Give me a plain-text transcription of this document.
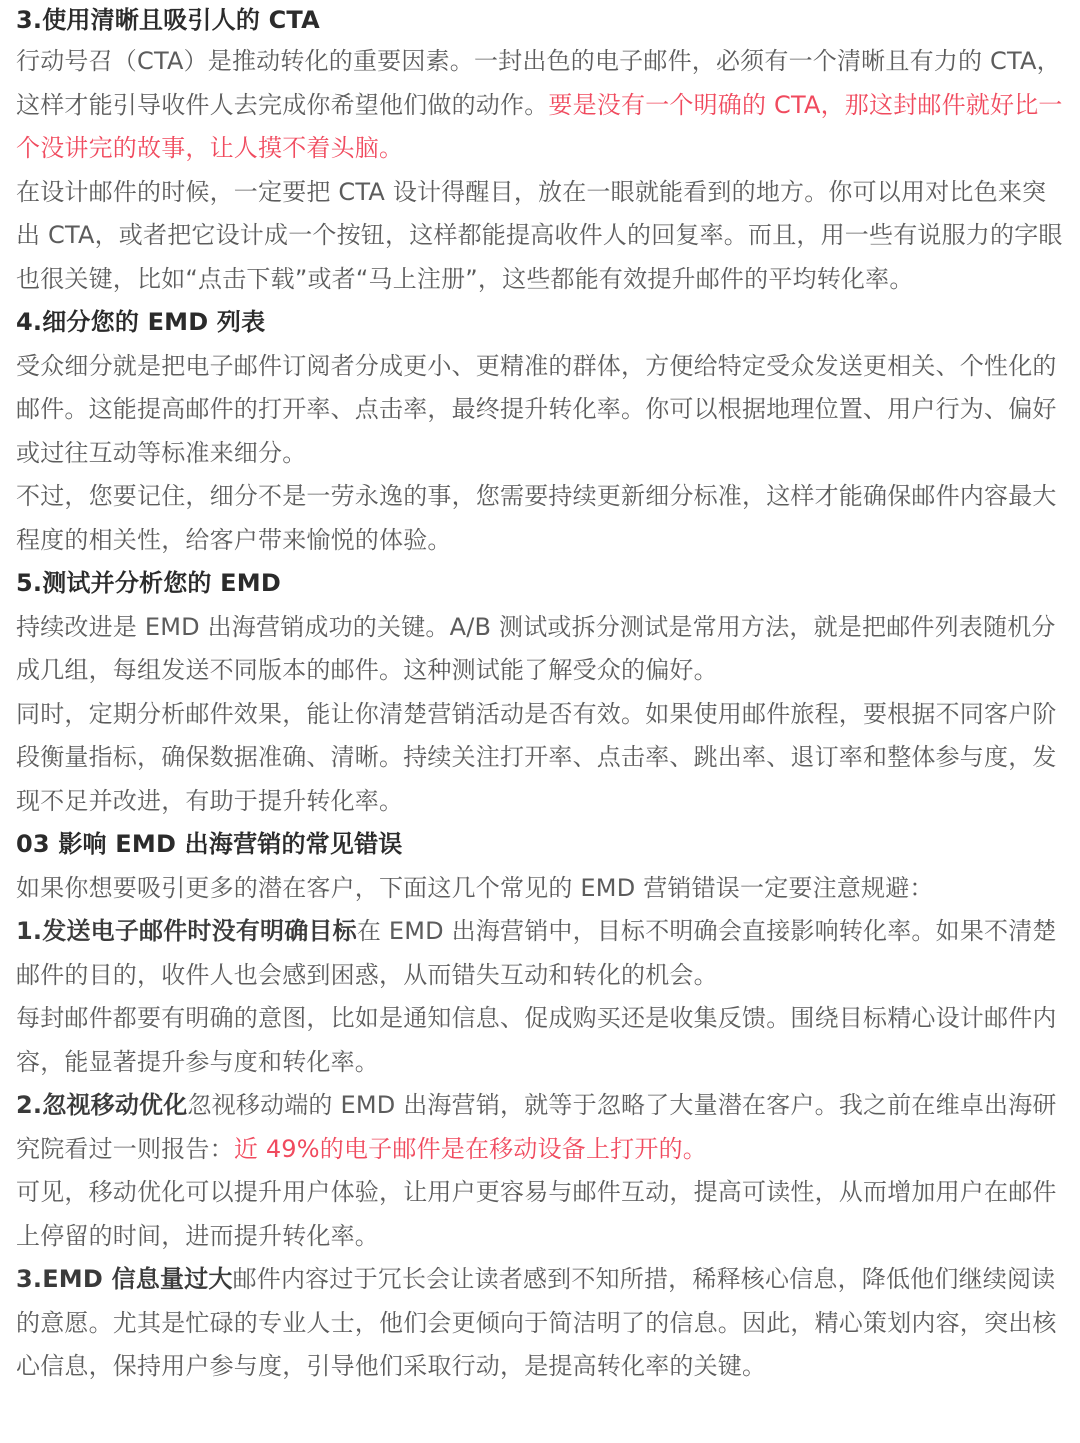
3.使用清晰且吸引人的 CTA

行动号召（CTA）是推动转化的重要因素。一封出色的电子邮件，必须有一个清晰且有力的 CTA，这样才能引导收件人去完成你希望他们做的动作。要是没有一个明确的 CTA，那这封邮件就好比一个没讲完的故事，让人摸不着头脑。

在设计邮件的时候，一定要把 CTA 设计得醒目，放在一眼就能看到的地方。你可以用对比色来突出 CTA，或者把它设计成一个按钮，这样都能提高收件人的回复率。而且，用一些有说服力的字眼也很关键，比如“点击下载”或者“马上注册”，这些都能有效提升邮件的平均转化率。

4.细分您的 EMD 列表

受众细分就是把电子邮件订阅者分成更小、更精准的群体，方便给特定受众发送更相关、个性化的邮件。这能提高邮件的打开率、点击率，最终提升转化率。你可以根据地理位置、用户行为、偏好或过往互动等标准来细分。

不过，您要记住，细分不是一劳永逸的事，您需要持续更新细分标准，这样才能确保邮件内容最大程度的相关性，给客户带来愉悦的体验。

5.测试并分析您的 EMD

持续改进是 EMD 出海营销成功的关键。A/B 测试或拆分测试是常用方法，就是把邮件列表随机分成几组，每组发送不同版本的邮件。这种测试能了解受众的偏好。

同时，定期分析邮件效果，能让你清楚营销活动是否有效。如果使用邮件旅程，要根据不同客户阶段衡量指标，确保数据准确、清晰。持续关注打开率、点击率、跳出率、退订率和整体参与度，发现不足并改进，有助于提升转化率。

03 影响 EMD 出海营销的常见错误

如果你想要吸引更多的潜在客户，下面这几个常见的 EMD 营销错误一定要注意规避：

1.发送电子邮件时没有明确目标在 EMD 出海营销中，目标不明确会直接影响转化率。如果不清楚邮件的目的，收件人也会感到困惑，从而错失互动和转化的机会。

每封邮件都要有明确的意图，比如是通知信息、促成购买还是收集反馈。围绕目标精心设计邮件内容，能显著提升参与度和转化率。

2.忽视移动优化忽视移动端的 EMD 出海营销，就等于忽略了大量潜在客户。我之前在维卓出海研究院看过一则报告：近 49%的电子邮件是在移动设备上打开的。

可见，移动优化可以提升用户体验，让用户更容易与邮件互动，提高可读性，从而增加用户在邮件上停留的时间，进而提升转化率。

3.EMD 信息量过大邮件内容过于冗长会让读者感到不知所措，稀释核心信息，降低他们继续阅读的意愿。尤其是忙碌的专业人士，他们会更倾向于简洁明了的信息。因此，精心策划内容，突出核心信息，保持用户参与度，引导他们采取行动，是提高转化率的关键。
